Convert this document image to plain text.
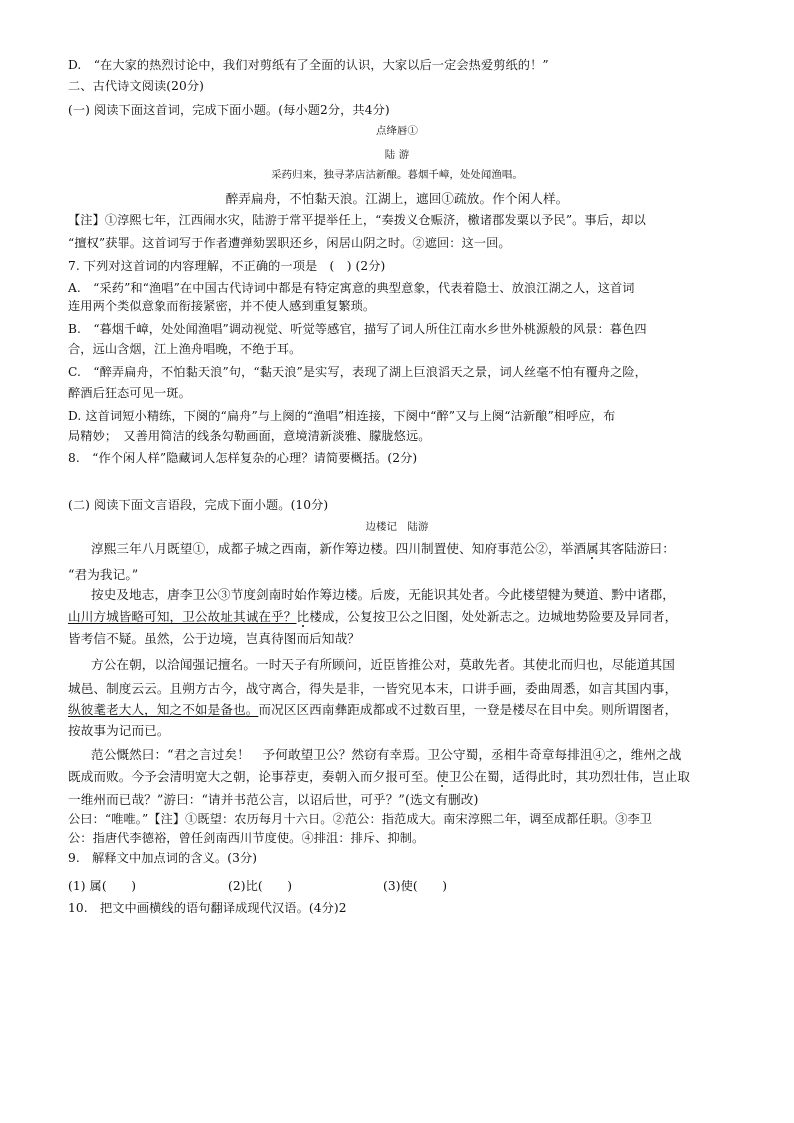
D.　“在大家的热烈讨论中，我们对剪纸有了全面的认识，大家以后一定会热爱剪纸的！”
二、古代诗文阅读(20分)
(一) 阅读下面这首词，完成下面小题。(每小题2分，共4分)
点绛唇①
陆 游
采药归来，独寻茅店沽新酿。暮烟千嶂，处处闻渔唱。
醉弄扁舟，不怕黏天浪。江湖上，遮回①疏放。作个闲人样。
【注】①淳熙七年，江西闹水灾，陆游于常平提举任上，“奏拨义仓赈济，檄诸郡发粟以予民”。事后，却以
“擅权”获罪。这首词写于作者遭弹劾罢职还乡，闲居山阴之时。②遮回：这一回。
7. 下列对这首词的内容理解，不正确的一项是　(　) (2分)
A.　“采药”和“渔唱”在中国古代诗词中都是有特定寓意的典型意象，代表着隐士、放浪江湖之人，这首词
连用两个类似意象而衔接紧密，并不使人感到重复繁琐。
B.　“暮烟千嶂，处处闻渔唱”调动视觉、听觉等感官，描写了词人所住江南水乡世外桃源般的风景：暮色四
合，远山含烟，江上渔舟唱晚，不绝于耳。
C.　“醉弄扁舟，不怕黏天浪”句，“黏天浪”是实写，表现了湖上巨浪滔天之景，词人丝毫不怕有覆舟之险，
醉酒后狂态可见一斑。
D. 这首词短小精练，下阕的“扁舟”与上阕的“渔唱”相连接，下阕中“醉”又与上阕“沽新酿”相呼应，布
局精妙；　又善用简洁的线条勾勒画面，意境清新淡雅、朦胧悠远。
8.　“作个闲人样”隐藏词人怎样复杂的心理？请简要概括。(2分)
(二) 阅读下面文言语段，完成下面小题。(10分)
边楼记　陆游
淳熙三年八月既望①，成都子城之西南，新作筹边楼。四川制置使、知府事范公②，举酒属其客陆游曰：
“君为我记。”
按史及地志，唐李卫公③节度剑南时始作筹边楼。后废，无能识其处者。今此楼望犍为僰道、黔中诸郡，
山川方城皆略可知，卫公故址其诚在乎？比楼成，公复按卫公之旧图，处处新志之。边城地势险要及异同者，
皆考信不疑。虽然，公于边境，岂真待图而后知哉？
方公在朝，以洽闻强记擅名。一时天子有所顾问，近臣皆推公对，莫敢先者。其使北而归也，尽能道其国
城邑、制度云云。且朔方古今，战守离合，得失是非，一皆究见本末，口讲手画，委曲周悉，如言其国内事，
纵彼耄老大人，知之不如是备也。而况区区西南彝距成都或不过数百里，一登是楼尽在目中矣。则所谓图者，
按故事为记而已。
范公慨然曰：“君之言过矣！　予何敢望卫公？然窃有幸焉。卫公守蜀，丞相牛奇章每排沮④之，维州之战
既成而败。今予会清明宽大之朝，论事荐吏，奏朝入而夕报可至。使卫公在蜀，适得此时，其功烈壮伟，岂止取
一维州而已哉？”游曰：“请并书范公言，以诏后世，可乎？”(选文有删改)
公曰：“唯唯。”【注】①既望：农历每月十六日。②范公：指范成大。南宋淳熙二年，调至成都任职。③李卫
公：指唐代李德裕，曾任剑南西川节度使。④排沮：排斥、抑制。
9.　解释文中加点词的含义。(3分)
(1) 属(　　)	(2)比(　　)	(3)使(　　)
10.　把文中画横线的语句翻译成现代汉语。(4分)2
